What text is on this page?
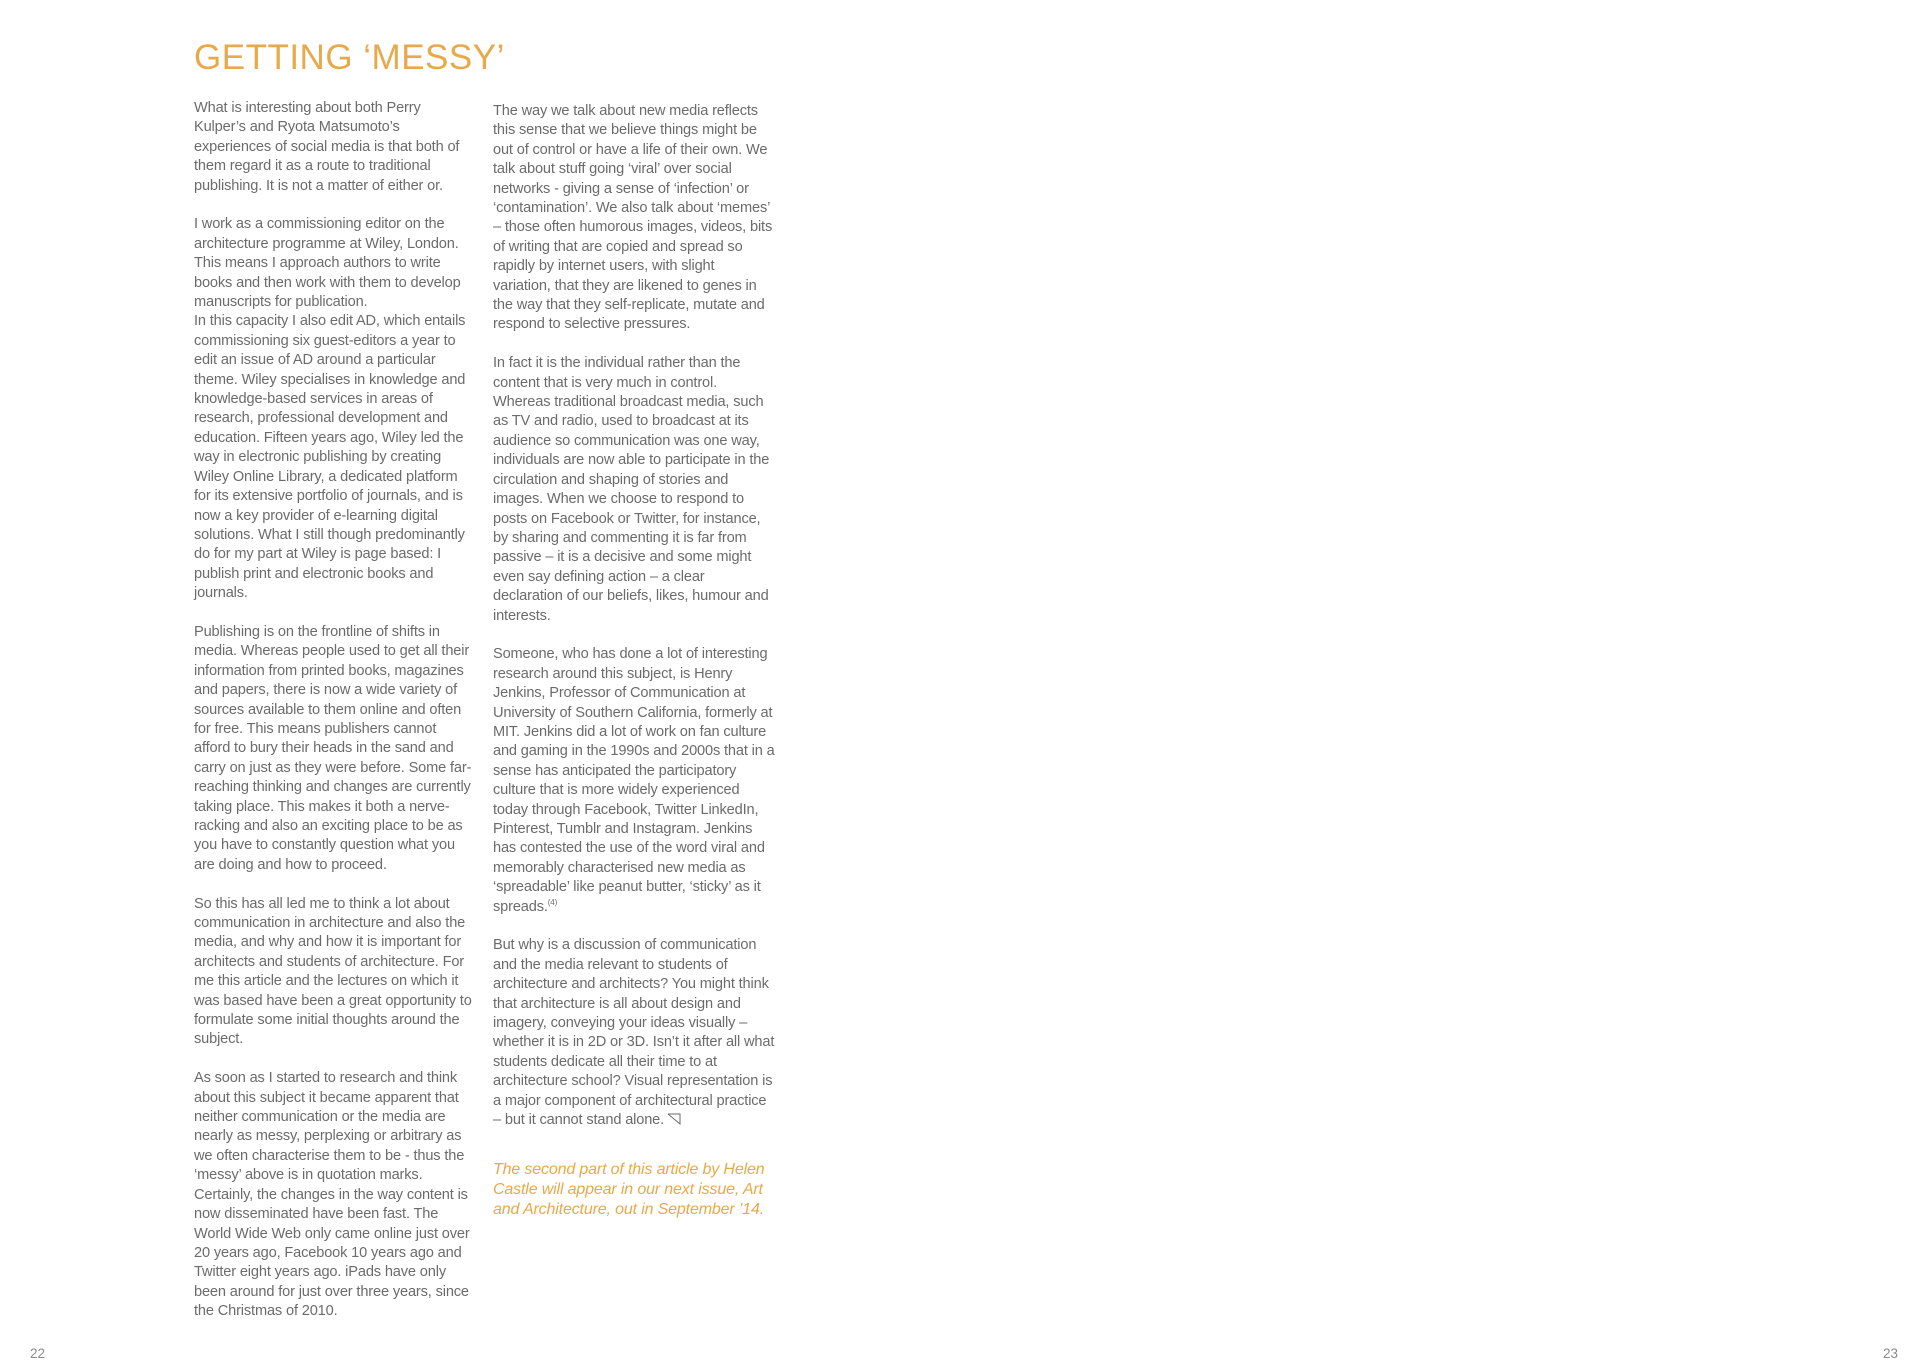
GETTING ‘MESSY’

What is interesting about both Perry Kulper’s and Ryota Matsumoto’s experiences of social media is that both of them regard it as a route to traditional publishing. It is not a matter of either or.

I work as a commissioning editor on the architecture programme at Wiley, London. This means I approach authors to write books and then work with them to develop manuscripts for publication.

In this capacity I also edit AD, which entails commissioning six guest-editors a year to edit an issue of AD around a particular theme. Wiley specialises in knowledge and knowledge-based services in areas of research, professional development and education. Fifteen years ago, Wiley led the way in electronic publishing by creating Wiley Online Library, a dedicated platform for its extensive portfolio of journals, and is now a key provider of e-learning digital solutions. What I still though predominantly do for my part at Wiley is page based: I publish print and electronic books and journals.

Publishing is on the frontline of shifts in media. Whereas people used to get all their information from printed books, magazines and papers, there is now a wide variety of sources available to them online and often for free. This means publishers cannot afford to bury their heads in the sand and carry on just as they were before. Some far-reaching thinking and changes are currently taking place. This makes it both a nerve-racking and also an exciting place to be as you have to constantly question what you are doing and how to proceed.

So this has all led me to think a lot about communication in architecture and also the media, and why and how it is important for architects and students of architecture. For me this article and the lectures on which it was based have been a great opportunity to formulate some initial thoughts around the subject.

As soon as I started to research and think about this subject it became apparent that neither communication or the media are nearly as messy, perplexing or arbitrary as we often characterise them to be - thus the ‘messy’ above is in quotation marks. Certainly, the changes in the way content is now disseminated have been fast. The World Wide Web only came online just over 20 years ago, Facebook 10 years ago and Twitter eight years ago. iPads have only been around for just over three years, since the Christmas of 2010.

The way we talk about new media reflects this sense that we believe things might be out of control or have a life of their own. We talk about stuff going ‘viral’ over social networks - giving a sense of ‘infection’ or ‘contamination’. We also talk about ‘memes’ – those often humorous images, videos, bits of writing that are copied and spread so rapidly by internet users, with slight variation, that they are likened to genes in the way that they self-replicate, mutate and respond to selective pressures.

In fact it is the individual rather than the content that is very much in control. Whereas traditional broadcast media, such as TV and radio, used to broadcast at its audience so communication was one way, individuals are now able to participate in the circulation and shaping of stories and images. When we choose to respond to posts on Facebook or Twitter, for instance, by sharing and commenting it is far from passive – it is a decisive and some might even say defining action – a clear declaration of our beliefs, likes, humour and interests.

Someone, who has done a lot of interesting research around this subject, is Henry Jenkins, Professor of Communication at University of Southern California, formerly at MIT. Jenkins did a lot of work on fan culture and gaming in the 1990s and 2000s that in a sense has anticipated the participatory culture that is more widely experienced today through Facebook, Twitter LinkedIn, Pinterest, Tumblr and Instagram. Jenkins has contested the use of the word viral and memorably characterised new media as ‘spreadable’ like peanut butter, ‘sticky’ as it spreads.$^{(4)}$

But why is a discussion of communication and the media relevant to students of architecture and architects? You might think that architecture is all about design and imagery, conveying your ideas visually – whether it is in 2D or 3D. Isn’t it after all what students dedicate all their time to at architecture school? Visual representation is a major component of architectural practice – but it cannot stand alone.

The second part of this article by Helen Castle will appear in our next issue, Art and Architecture, out in September ’14.

22	23
